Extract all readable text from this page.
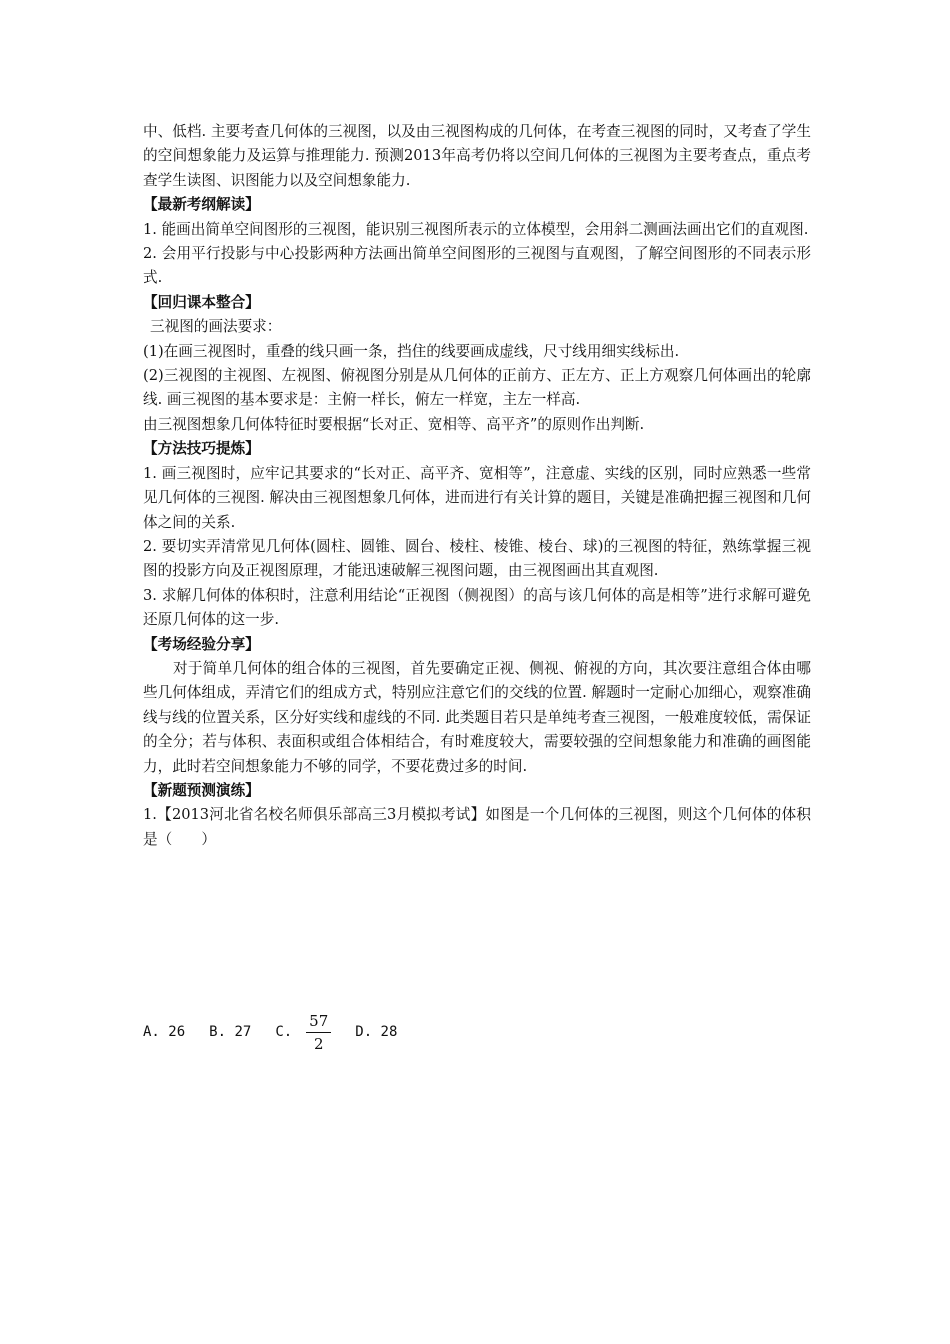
中、低档. 主要考查几何体的三视图，以及由三视图构成的几何体，在考查三视图的同时，又考查了学生的空间想象能力及运算与推理能力. 预测2013年高考仍将以空间几何体的三视图为主要考查点，重点考查学生读图、识图能力以及空间想象能力.

【最新考纲解读】

1. 能画出简单空间图形的三视图，能识别三视图所表示的立体模型，会用斜二测画法画出它们的直观图.

2. 会用平行投影与中心投影两种方法画出简单空间图形的三视图与直观图，了解空间图形的不同表示形式.

【回归课本整合】

三视图的画法要求：

(1)在画三视图时，重叠的线只画一条，挡住的线要画成虚线，尺寸线用细实线标出.

(2)三视图的主视图、左视图、俯视图分别是从几何体的正前方、正左方、正上方观察几何体画出的轮廓线. 画三视图的基本要求是：主俯一样长，俯左一样宽，主左一样高.

由三视图想象几何体特征时要根据“长对正、宽相等、高平齐”的原则作出判断.

【方法技巧提炼】

1. 画三视图时，应牢记其要求的“长对正、高平齐、宽相等”，注意虚、实线的区别，同时应熟悉一些常见几何体的三视图. 解决由三视图想象几何体，进而进行有关计算的题目，关键是准确把握三视图和几何体之间的关系.

2. 要切实弄清常见几何体(圆柱、圆锥、圆台、棱柱、棱锥、棱台、球)的三视图的特征，熟练掌握三视图的投影方向及正视图原理，才能迅速破解三视图问题，由三视图画出其直观图.

3. 求解几何体的体积时，注意利用结论“正视图（侧视图）的高与该几何体的高是相等”进行求解可避免还原几何体的这一步.

【考场经验分享】

对于简单几何体的组合体的三视图，首先要确定正视、侧视、俯视的方向，其次要注意组合体由哪些几何体组成，弄清它们的组成方式，特别应注意它们的交线的位置. 解题时一定耐心加细心，观察准确线与线的位置关系，区分好实线和虚线的不同. 此类题目若只是单纯考查三视图，一般难度较低，需保证的全分；若与体积、表面积或组合体相结合，有时难度较大，需要较强的空间想象能力和准确的画图能力，此时若空间想象能力不够的同学，不要花费过多的时间.

【新题预测演练】

1.【2013河北省名校名师俱乐部高三3月模拟考试】如图是一个几何体的三视图，则这个几何体的体积是（　　）

A. 26 B. 27 C. $\frac{57}{2} D$. 28
